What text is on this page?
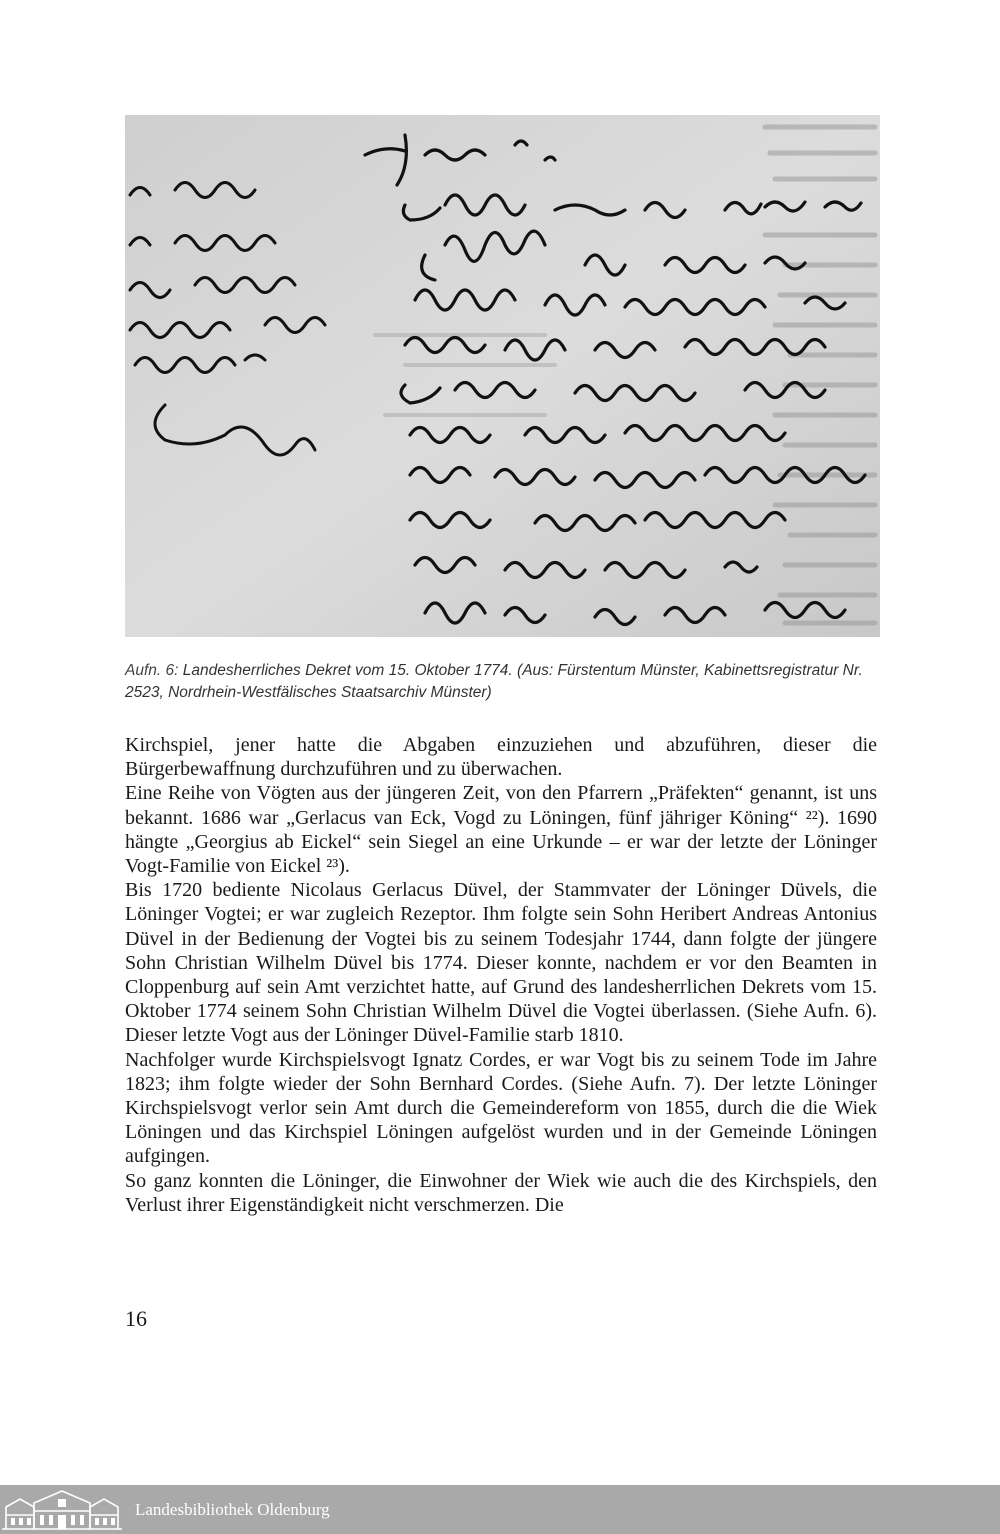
Aufn. 6: Landesherrliches Dekret vom 15. Oktober 1774. (Aus: Fürstentum Münster, Kabinettsregistratur Nr. 2523, Nordrhein-Westfälisches Staatsarchiv Münster)

Kirchspiel, jener hatte die Abgaben einzuziehen und abzuführen, dieser die Bürgerbewaffnung durchzuführen und zu überwachen.

Eine Reihe von Vögten aus der jüngeren Zeit, von den Pfarrern „Präfekten“ genannt, ist uns bekannt. 1686 war „Gerlacus van Eck, Vogd zu Löningen, fünf jähriger Köning“ ²²). 1690 hängte „Georgius ab Eickel“ sein Siegel an eine Urkunde – er war der letzte der Löninger Vogt-Familie von Eickel ²³).

Bis 1720 bediente Nicolaus Gerlacus Düvel, der Stammvater der Löninger Düvels, die Löninger Vogtei; er war zugleich Rezeptor. Ihm folgte sein Sohn Heribert Andreas Antonius Düvel in der Bedienung der Vogtei bis zu seinem Todesjahr 1744, dann folgte der jüngere Sohn Christian Wilhelm Düvel bis 1774. Dieser konnte, nachdem er vor den Beamten in Cloppenburg auf sein Amt verzichtet hatte, auf Grund des landesherrlichen Dekrets vom 15. Oktober 1774 seinem Sohn Christian Wilhelm Düvel die Vogtei überlassen. (Siehe Aufn. 6). Dieser letzte Vogt aus der Löninger Düvel-Familie starb 1810.

Nachfolger wurde Kirchspielsvogt Ignatz Cordes, er war Vogt bis zu seinem Tode im Jahre 1823; ihm folgte wieder der Sohn Bernhard Cordes. (Siehe Aufn. 7). Der letzte Löninger Kirchspielsvogt verlor sein Amt durch die Gemeindereform von 1855, durch die die Wiek Löningen und das Kirchspiel Löningen aufgelöst wurden und in der Gemeinde Löningen aufgingen.

So ganz konnten die Löninger, die Einwohner der Wiek wie auch die des Kirchspiels, den Verlust ihrer Eigenständigkeit nicht verschmerzen. Die

16
Landesbibliothek Oldenburg
